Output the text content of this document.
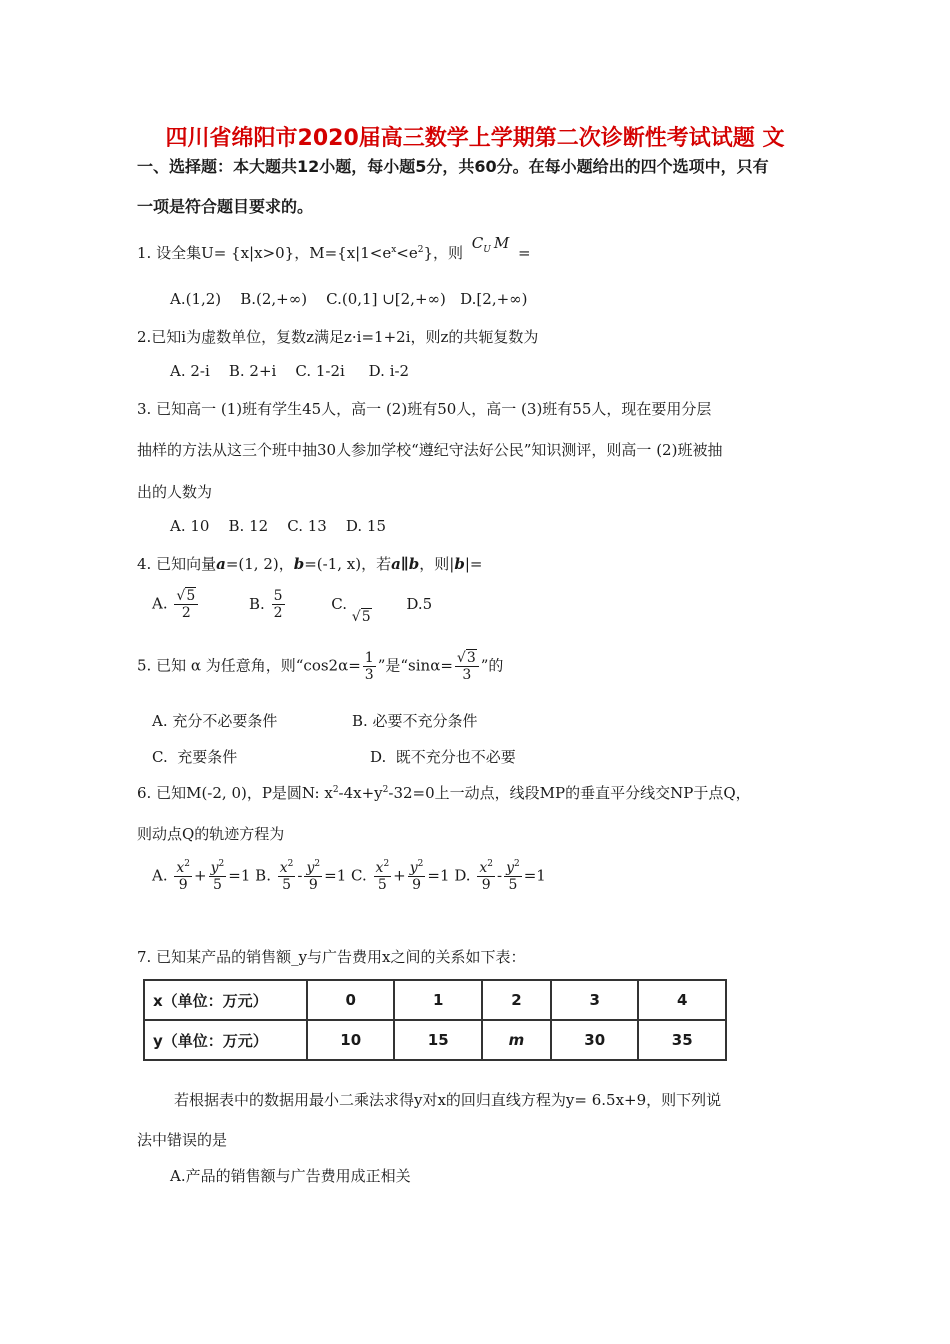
四川省绵阳市2020届高三数学上学期第二次诊断性考试试题 文
一、选择题：本大题共12小题，每小题5分，共60分。在每小题给出的四个选项中，只有
一项是符合题目要求的。
1. 设全集U= {x|x>0}，$M=\{x|1<e^x<e^2\}$，则 $C_U$ M =
A.(1,2)    B.(2,+∞)    C.(0,1] ∪[2,+∞)   D.[2,+∞)
2.已知i为虚数单位，复数z满足z·i=1+2i，则z的共轭复数为
A. 2-i    B. 2+i    C. 1-2i     D. i-2
3. 已知高一 (1)班有学生45人，高一 (2)班有50人，高一 (3)班有55人，现在要用分层
抽样的方法从这三个班中抽30人参加学校“遵纪守法好公民”知识测评，则高一 (2)班被抽
出的人数为
A. 10    B. 12    C. 13    D. 15
4. 已知向量a=(1, 2)，b=(-1, x)，若a∥b，则|b|=
A. $\frac{√5}{2}$	B. $\frac{5}{2}$	C. √5 D.5
5. 已知 α 为任意角，则“$\cos 2\alpha= \frac{1}{3}$ ”是“$\sin\alpha= \frac{√3}{3}$ ”的
A. 充分不必要条件	B. 必要不充分条件
C.  充要条件	D.  既不充分也不必要
6. 已知M(-2, 0)，P是圆N: $x^2-4x+y^2-32=0$上一动点，线段MP的垂直平分线交NP于点Q，
则动点Q的轨迹方程为
A. $\frac{x^2}{9} + \frac{y^2}{5} =1$ B. $\frac{x^2}{5} - \frac{y^2}{9} =1$ C. $\frac{x^2}{5} + \frac{y^2}{9} =1$ D. $\frac{x^2}{9} - \frac{y^2}{5} =1$
7. 已知某产品的销售额_y与广告费用x之间的关系如下表：
x（单位：万元）	0	1	2	3	4
y（单位：万元）	10	15	m	30	35
若根据表中的数据用最小二乘法求得y对x的回归直线方程为y= 6.5x+9，则下列说
法中错误的是
A.产品的销售额与广告费用成正相关
